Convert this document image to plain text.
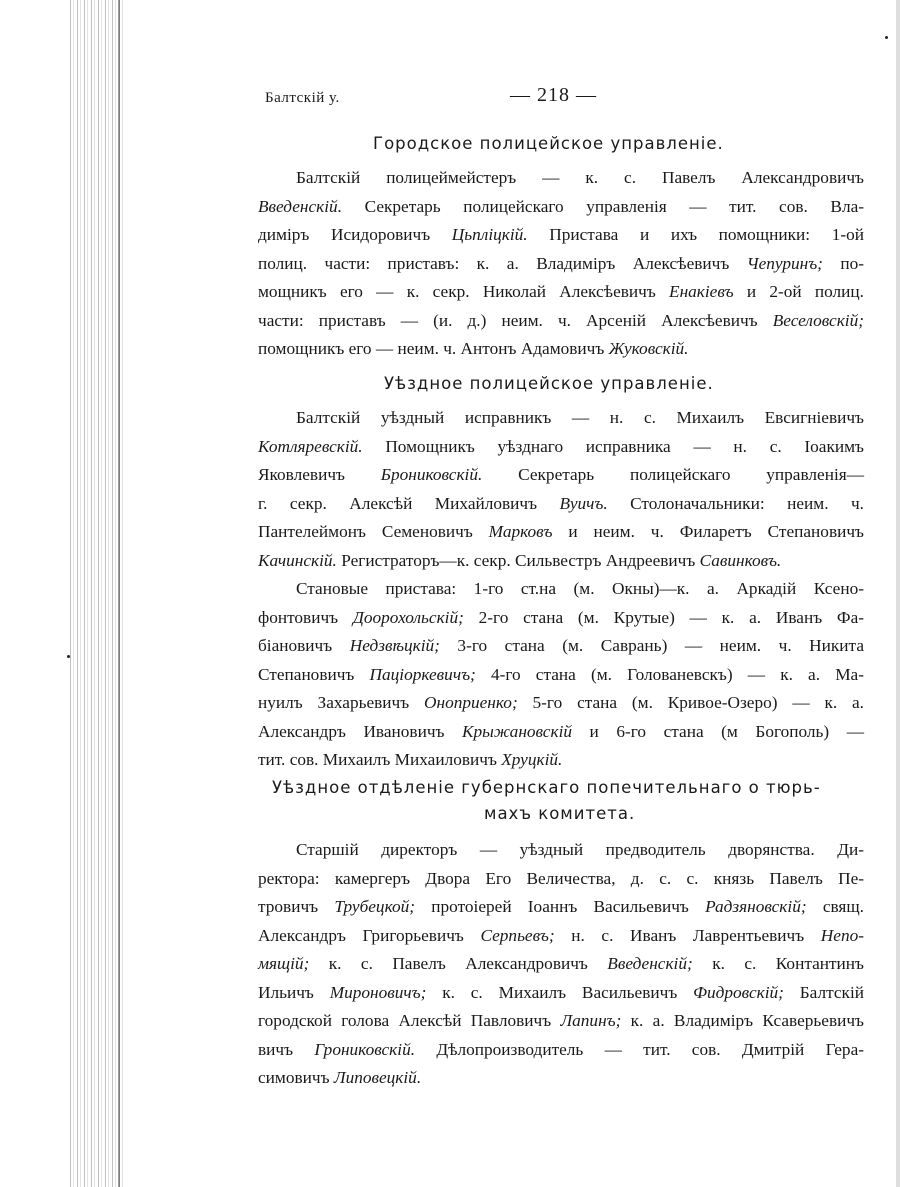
Балтскій у.	— 218 —
Городское полицейское управленіе.
Балтскій полицеймейстеръ — к. с. Павелъ Александровичъ
Введенскій. Секретарь полицейскаго управленія — тит. сов. Вла-
диміръ Исидоровичъ Цьпліцкій. Пристава и ихъ помощники: 1-ой
полиц. части: приставъ: к. а. Владиміръ Алексѣевичъ Чепуринъ; по-
мощникъ его — к. секр. Николай Алексѣевичъ Енакіевъ и 2-ой полиц.
части: приставъ — (и. д.) неим. ч. Арсеній Алексѣевичъ Веселовскій;
помощникъ его — неим. ч. Антонъ Адамовичъ Жуковскій.
Уѣздное полицейское управленіе.
Балтскій уѣздный исправникъ — н. с. Михаилъ Евсигніевичъ
Котляревскій. Помощникъ уѣзднаго исправника — н. с. Іоакимъ
Яковлевичъ Брониковскій. Секретарь полицейскаго управленія—
г. секр. Алексѣй Михайловичъ Вуичъ. Столоначальники: неим. ч.
Пантелеймонъ Семеновичъ Марковъ и неим. ч. Филаретъ Степановичъ
Качинскій. Регистраторъ—к. секр. Сильвестръ Андреевичъ Савинковъ.
Становые пристава: 1-го ст.на (м. Окны)—к. а. Аркадій Ксено-
фонтовичъ Доорохольскій; 2-го стана (м. Крутые) — к. а. Иванъ Фа-
біановичъ Недзвѣцкій; 3-го стана (м. Саврань) — неим. ч. Никита
Степановичъ Паціоркевичъ; 4-го стана (м. Голованевскъ) — к. а. Ма-
нуилъ Захарьевичъ Оноприенко; 5-го стана (м. Кривое-Озеро) — к. а.
Александръ Ивановичъ Крыжановскій и 6-го стана (м Богополь) —
тит. сов. Михаилъ Михаиловичъ Хруцкій.
Уѣздное отдѣленіе губернскаго попечительнаго о тюрь-
махъ комитета.
Старшій директоръ — уѣздный предводитель дворянства. Ди-
ректора: камергеръ Двора Его Величества, д. с. с. князь Павелъ Пе-
тровичъ Трубецкой; протоіерей Іоаннъ Васильевичъ Радзяновскій; свящ.
Александръ Григорьевичъ Серпьевъ; н. с. Иванъ Лаврентьевичъ Непо-
мящій; к. с. Павелъ Александровичъ Введенскій; к. с. Контантинъ
Ильичъ Мироновичъ; к. с. Михаилъ Васильевичъ Фидровскій; Балтскій
городской голова Алексѣй Павловичъ Лапинъ; к. а. Владиміръ Ксаверьевичъ
вичъ Грониковскій. Дѣлопроизводитель — тит. сов. Дмитрій Гера-
симовичъ Липовецкій.
